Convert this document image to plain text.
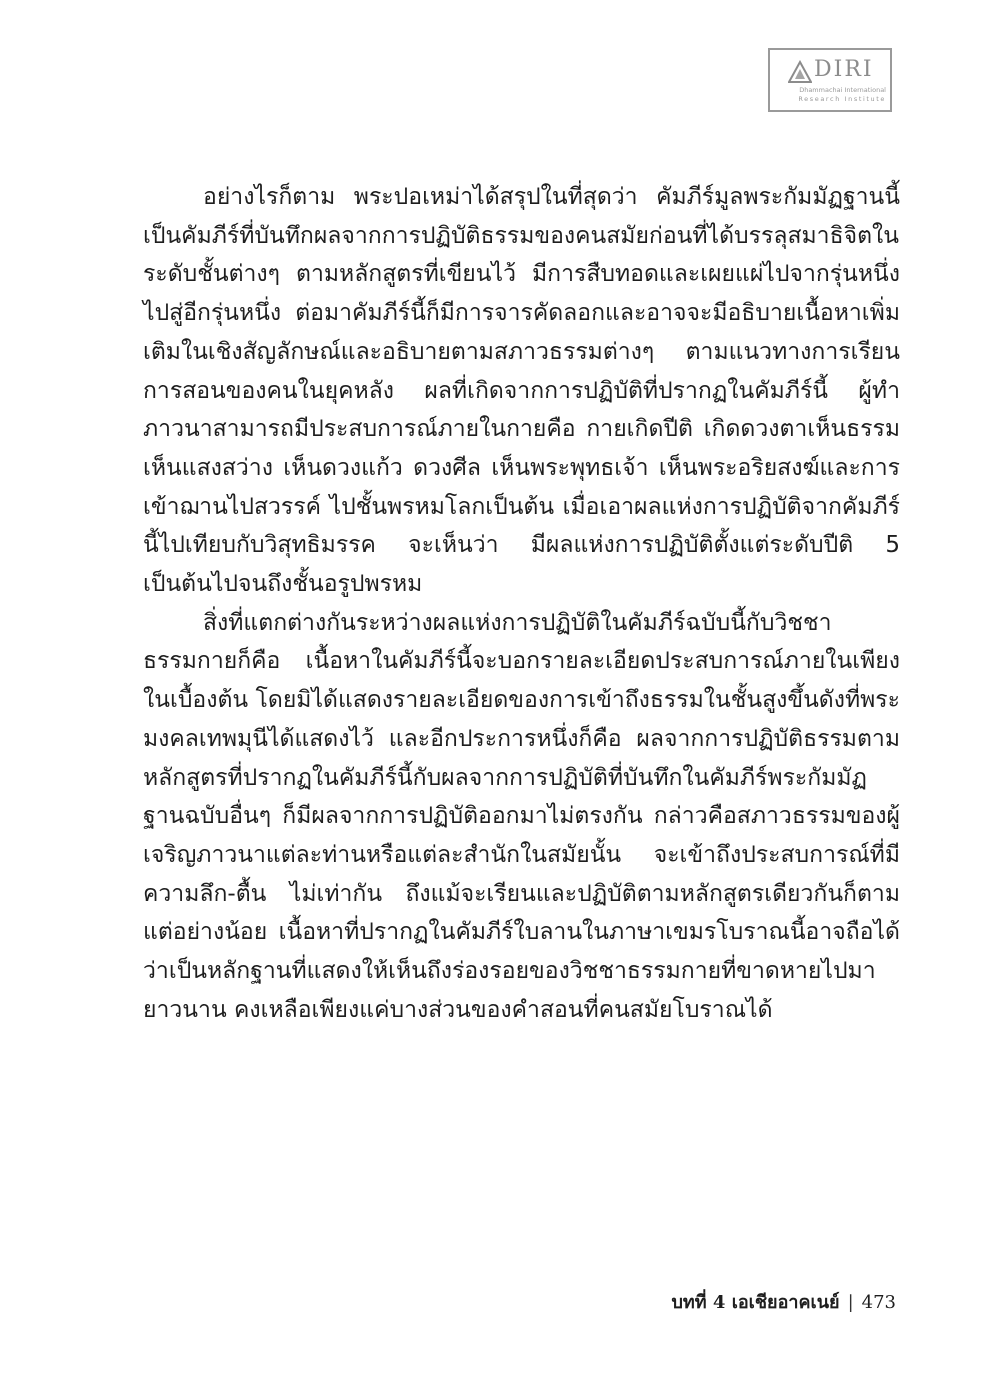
DIRI
Dhammachai International
Research Institute

อย่างไรก็ตาม พระปอเหม่าได้สรุปในที่สุดว่า คัมภีร์มูลพระกัมมัฏฐานนี้ เป็นคัมภีร์ที่บันทึกผลจากการปฏิบัติธรรมของคนสมัยก่อนที่ได้บรรลุสมาธิจิตในระดับชั้นต่างๆ ตามหลักสูตรที่เขียนไว้ มีการสืบทอดและเผยแผ่ไปจากรุ่นหนึ่งไปสู่อีกรุ่นหนึ่ง ต่อมาคัมภีร์นี้ก็มีการจารคัดลอกและอาจจะมีอธิบายเนื้อหาเพิ่มเติมในเชิงสัญลักษณ์และอธิบายตามสภาวธรรมต่างๆ ตามแนวทางการเรียนการสอนของคนในยุคหลัง ผลที่เกิดจากการปฏิบัติที่ปรากฏในคัมภีร์นี้ ผู้ทำภาวนาสามารถมีประสบการณ์ภายในกายคือ กายเกิดปีติ เกิดดวงตาเห็นธรรม เห็นแสงสว่าง เห็นดวงแก้ว ดวงศีล เห็นพระพุทธเจ้า เห็นพระอริยสงฆ์และการเข้าฌานไปสวรรค์ ไปชั้นพรหมโลกเป็นต้น เมื่อเอาผลแห่งการปฏิบัติจากคัมภีร์นี้ไปเทียบกับวิสุทธิมรรค จะเห็นว่า มีผลแห่งการปฏิบัติตั้งแต่ระดับปีติ 5 เป็นต้นไปจนถึงชั้นอรูปพรหม

สิ่งที่แตกต่างกันระหว่างผลแห่งการปฏิบัติในคัมภีร์ฉบับนี้กับวิชชาธรรมกายก็คือ เนื้อหาในคัมภีร์นี้จะบอกรายละเอียดประสบการณ์ภายในเพียงในเบื้องต้น โดยมิได้แสดงรายละเอียดของการเข้าถึงธรรมในชั้นสูงขึ้นดังที่พระมงคลเทพมุนีได้แสดงไว้ และอีกประการหนึ่งก็คือ ผลจากการปฏิบัติธรรมตามหลักสูตรที่ปรากฏในคัมภีร์นี้กับผลจากการปฏิบัติที่บันทึกในคัมภีร์พระกัมมัฏฐานฉบับอื่นๆ ก็มีผลจากการปฏิบัติออกมาไม่ตรงกัน กล่าวคือสภาวธรรมของผู้เจริญภาวนาแต่ละท่านหรือแต่ละสำนักในสมัยนั้น จะเข้าถึงประสบการณ์ที่มีความลึก-ตื้น ไม่เท่ากัน ถึงแม้จะเรียนและปฏิบัติตามหลักสูตรเดียวกันก็ตาม แต่อย่างน้อย เนื้อหาที่ปรากฏในคัมภีร์ใบลานในภาษาเขมรโบราณนี้อาจถือได้ว่าเป็นหลักฐานที่แสดงให้เห็นถึงร่องรอยของวิชชาธรรมกายที่ขาดหายไปมายาวนาน คงเหลือเพียงแค่บางส่วนของคำสอนที่คนสมัยโบราณได้

บทที่ 4 เอเชียอาคเนย์ | 473
